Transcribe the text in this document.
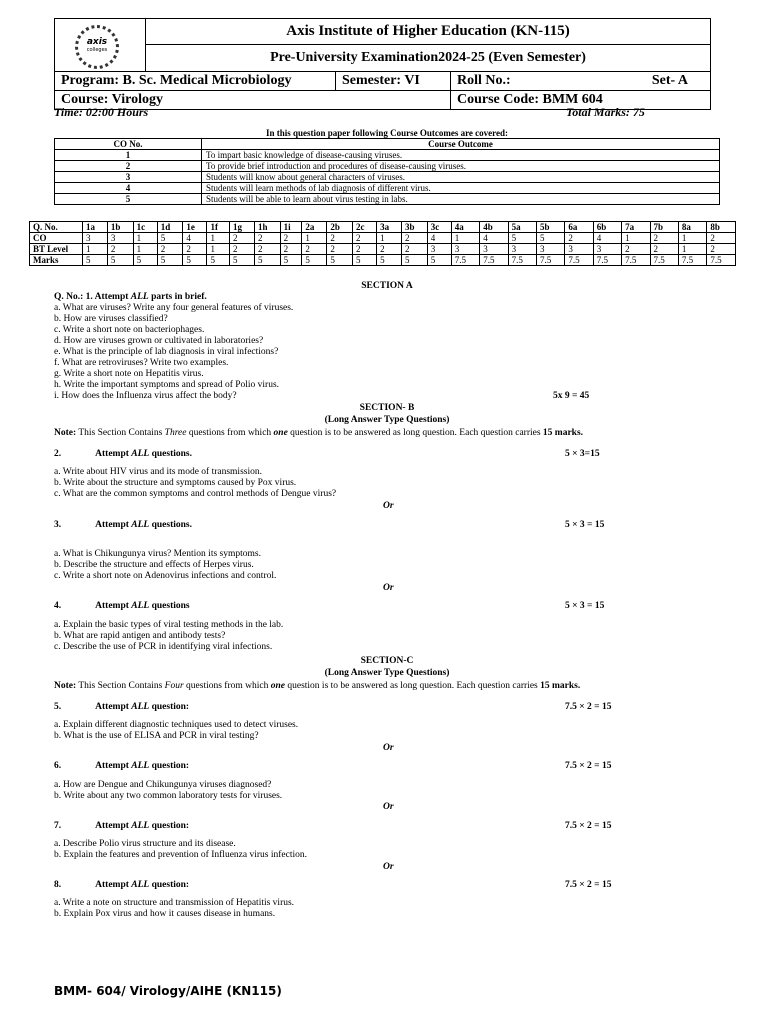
axis
colleges
Axis Institute of Higher Education (KN-115)
Pre-University Examination2024-25 (Even Semester)
Program: B. Sc. Medical Microbiology	Semester: VI	Roll No.:	Set- A
Course: Virology	Course Code: BMM 604
Time: 02:00 Hours	Total Marks: 75
In this question paper following Course Outcomes are covered:
CO No.	Course Outcome
1	To impart basic knowledge of disease-causing viruses.
2	To provide brief introduction and procedures of disease-causing viruses.
3	Students will know about general characters of viruses.
4	Students will learn methods of lab diagnosis of different virus.
5	Students will be able to learn about virus testing in labs.
Q. No.	1a	1b	1c	1d	1e	1f	1g	1h	1i	2a	2b	2c	3a	3b	3c	4a	4b	5a	5b	6a	6b	7a	7b	8a	8b
CO	3	3	1	5	4	1	2	2	2	1	2	2	1	2	4	1	4	5	5	2	4	1	2	1	2
BT Level	1	2	1	2	2	1	2	2	2	2	2	2	2	2	3	3	3	3	3	3	3	2	2	1	2
Marks	5	5	5	5	5	5	5	5	5	5	5	5	5	5	5	7.5	7.5	7.5	7.5	7.5	7.5	7.5	7.5	7.5	7.5
SECTION A
Q. No.: 1. Attempt ALL parts in brief.
a. What are viruses? Write any four general features of viruses.
b. How are viruses classified?
c. Write a short note on bacteriophages.
d. How are viruses grown or cultivated in laboratories?
e. What is the principle of lab diagnosis in viral infections?
f. What are retroviruses? Write two examples.
g. Write a short note on Hepatitis virus.
h. Write the important symptoms and spread of Polio virus.
i. How does the Influenza virus affect the body?	5x 9 = 45
SECTION- B
(Long Answer Type Questions)
Note: This Section Contains Three questions from which one question is to be answered as long question. Each question carries 15 marks.
2.	Attempt ALL questions.	5 × 3=15
a. Write about HIV virus and its mode of transmission.
b. Write about the structure and symptoms caused by Pox virus.
c. What are the common symptoms and control methods of Dengue virus?
Or
3.	Attempt ALL questions.	5 × 3 = 15
a. What is Chikungunya virus? Mention its symptoms.
b. Describe the structure and effects of Herpes virus.
c. Write a short note on Adenovirus infections and control.
Or
4.	Attempt ALL questions	5 × 3 = 15
a. Explain the basic types of viral testing methods in the lab.
b. What are rapid antigen and antibody tests?
c. Describe the use of PCR in identifying viral infections.
SECTION-C
(Long Answer Type Questions)
Note: This Section Contains Four questions from which one question is to be answered as long question. Each question carries 15 marks.
5.	Attempt ALL question:	7.5 × 2 = 15
a. Explain different diagnostic techniques used to detect viruses.
b. What is the use of ELISA and PCR in viral testing?
Or
6.	Attempt ALL question:	7.5 × 2 = 15
a. How are Dengue and Chikungunya viruses diagnosed?
b. Write about any two common laboratory tests for viruses.
Or
7.	Attempt ALL question:	7.5 × 2 = 15
a. Describe Polio virus structure and its disease.
b. Explain the features and prevention of Influenza virus infection.
Or
8.	Attempt ALL question:	7.5 × 2 = 15
a. Write a note on structure and transmission of Hepatitis virus.
b. Explain Pox virus and how it causes disease in humans.
BMM- 604/ Virology/AIHE (KN115)
